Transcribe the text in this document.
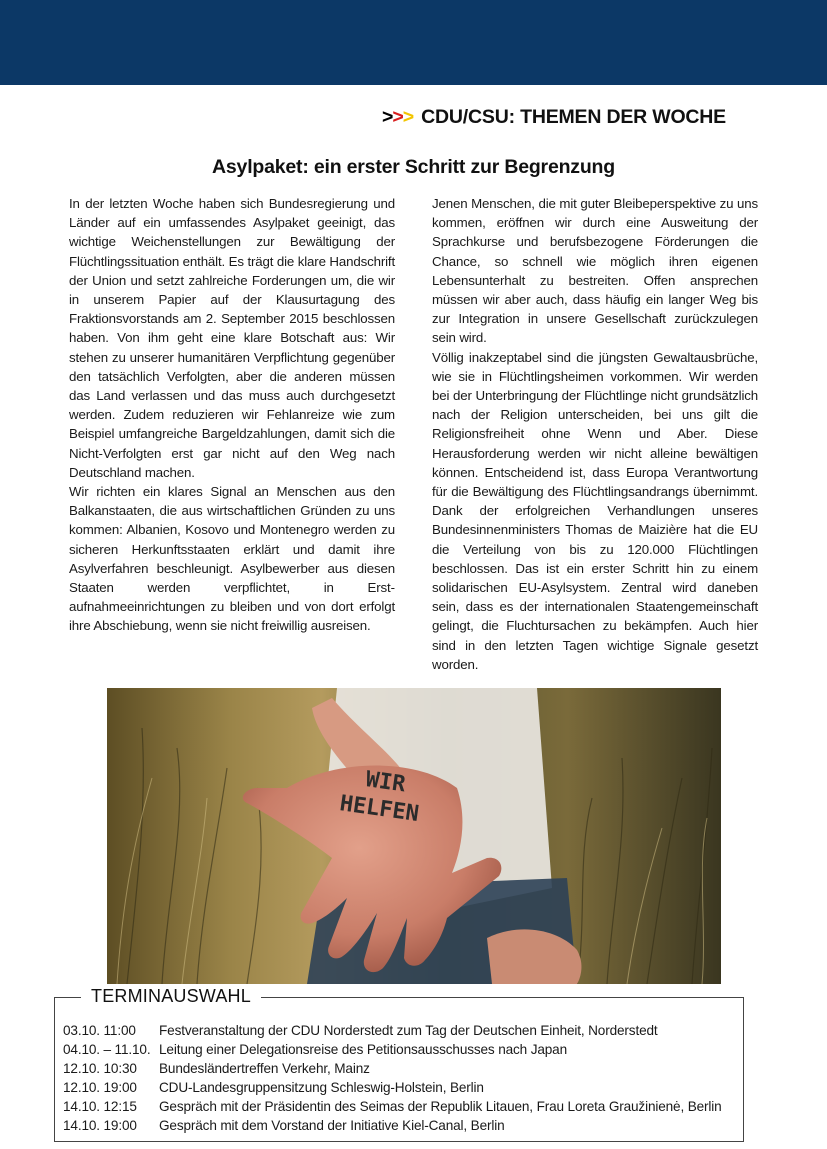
>>> CDU/CSU: THEMEN DER WOCHE
Asylpaket: ein erster Schritt zur Begrenzung

In der letzten Woche haben sich Bundesregierung und Länder auf ein umfassendes Asylpaket geeinigt, das wichtige Weichenstellungen zur Bewältigung der Flüchtlingssituation enthält. Es trägt die klare Handschrift der Union und setzt zahlreiche Forderungen um, die wir in unserem Papier auf der Klausurtagung des Fraktionsvorstands am 2. September 2015 beschlossen haben. Von ihm geht eine klare Botschaft aus: Wir stehen zu unserer humanitären Verpflichtung gegenüber den tatsächlich Verfolgten, aber die anderen müssen das Land verlassen und das muss auch durchgesetzt werden. Zudem reduzieren wir Fehlanreize wie zum Beispiel umfangreiche Bargeldzahlungen, damit sich die Nicht-Verfolgten erst gar nicht auf den Weg nach Deutschland machen.

Wir richten ein klares Signal an Menschen aus den Balkanstaaten, die aus wirtschaftlichen Gründen zu uns kommen: Albanien, Kosovo und Montenegro werden zu sicheren Herkunftsstaaten erklärt und damit ihre Asylverfahren beschleunigt. Asylbewerber aus diesen Staaten werden verpflichtet, in Erstaufnahmeeinrichtungen zu bleiben und von dort erfolgt ihre Abschiebung, wenn sie nicht freiwillig ausreisen.

Jenen Menschen, die mit guter Bleibeperspektive zu uns kommen, eröffnen wir durch eine Ausweitung der Sprachkurse und berufsbezogene Förderungen die Chance, so schnell wie möglich ihren eigenen Lebensunterhalt zu bestreiten. Offen ansprechen müssen wir aber auch, dass häufig ein langer Weg bis zur Integration in unsere Gesellschaft zurückzulegen sein wird.

Völlig inakzeptabel sind die jüngsten Gewaltausbrüche, wie sie in Flüchtlingsheimen vorkommen. Wir werden bei der Unterbringung der Flüchtlinge nicht grundsätzlich nach der Religion unterscheiden, bei uns gilt die Religionsfreiheit ohne Wenn und Aber. Diese Herausforderung werden wir nicht alleine bewältigen können. Entscheidend ist, dass Europa Verantwortung für die Bewältigung des Flüchtlingsandrangs übernimmt. Dank der erfolgreichen Verhandlungen unseres Bundesinnenministers Thomas de Maizière hat die EU die Verteilung von bis zu 120.000 Flüchtlingen beschlossen. Das ist ein erster Schritt hin zu einem solidarischen EU-Asylsystem. Zentral wird daneben sein, dass es der internationalen Staatengemeinschaft gelingt, die Fluchtursachen zu bekämpfen. Auch hier sind in den letzten Tagen wichtige Signale gesetzt worden.

WIR
HELFEN
TERMINAUSWAHL
03.10. 11:00 Festveranstaltung der CDU Norderstedt zum Tag der Deutschen Einheit, Norderstedt
04.10. – 11.10. Leitung einer Delegationsreise des Petitionsausschusses nach Japan
12.10. 10:30 Bundesländertreffen Verkehr, Mainz
12.10. 19:00 CDU-Landesgruppensitzung Schleswig-Holstein, Berlin
14.10. 12:15 Gespräch mit der Präsidentin des Seimas der Republik Litauen, Frau Loreta Graužinienė, Berlin
14.10. 19:00 Gespräch mit dem Vorstand der Initiative Kiel-Canal, Berlin
